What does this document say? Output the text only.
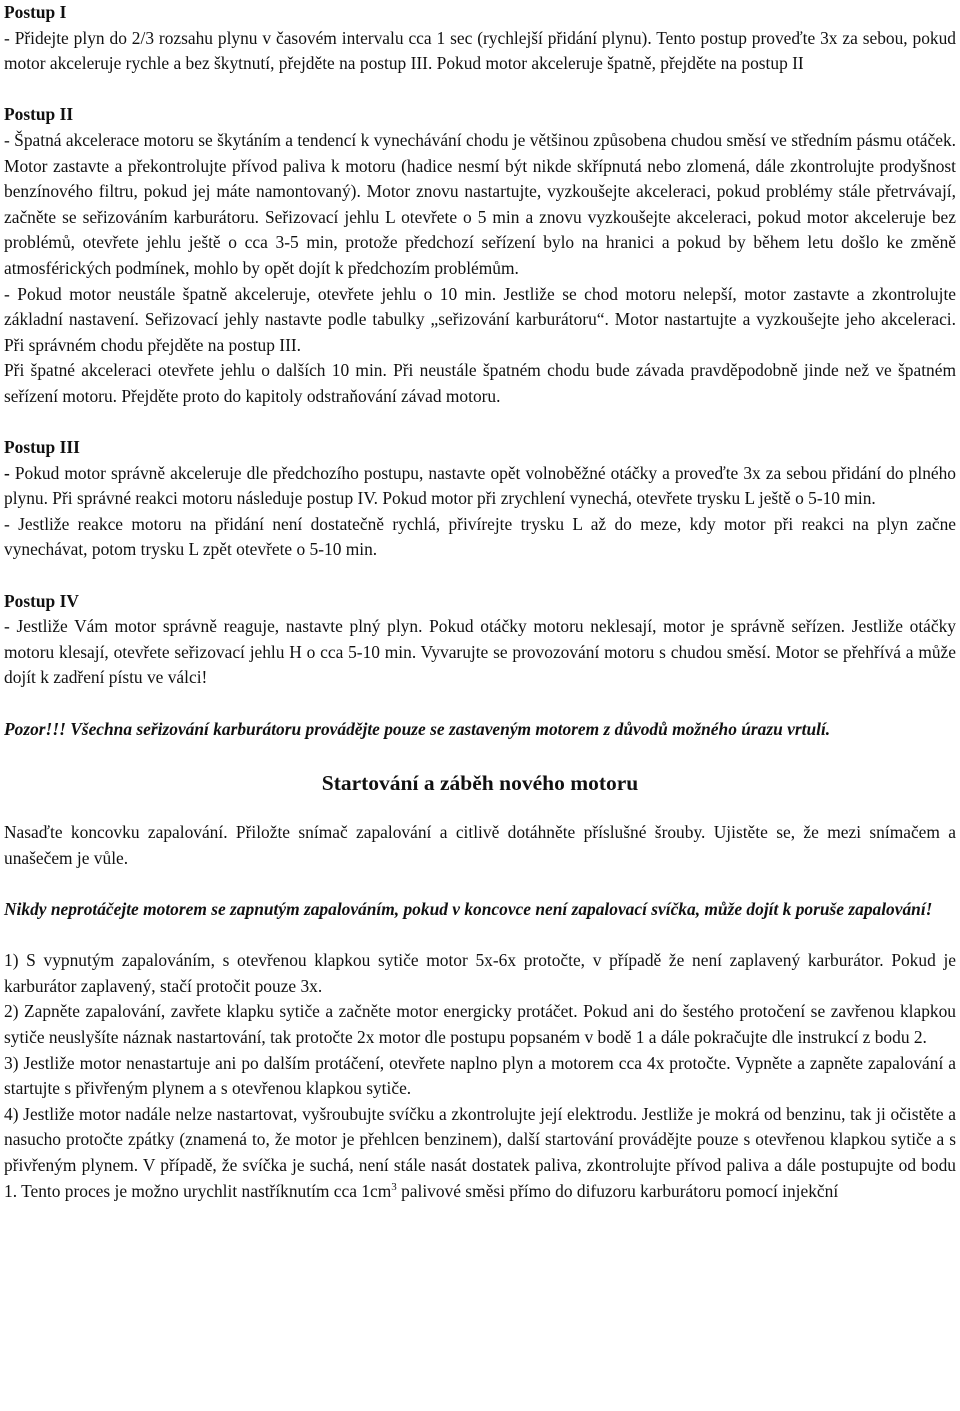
Postup I

- Přidejte plyn do 2/3 rozsahu plynu v časovém intervalu cca 1 sec (rychlejší přidání plynu). Tento postup proveďte 3x za sebou, pokud motor akceleruje rychle a bez škytnutí, přejděte na postup III. Pokud motor akceleruje špatně, přejděte na postup II

Postup II

- Špatná akcelerace motoru se škytáním a tendencí k vynechávání chodu je většinou způsobena chudou směsí ve středním pásmu otáček. Motor zastavte a překontrolujte přívod paliva k motoru (hadice nesmí být nikde skřípnutá nebo zlomená, dále zkontrolujte prodyšnost benzínového filtru, pokud jej máte namontovaný). Motor znovu nastartujte, vyzkoušejte akceleraci, pokud problémy stále přetrvávají, začněte se seřizováním karburátoru. Seřizovací jehlu L otevřete o 5 min a znovu vyzkoušejte akceleraci, pokud motor akceleruje bez problémů, otevřete jehlu ještě o cca 3-5 min, protože předchozí seřízení bylo na hranici a pokud by během letu došlo ke změně atmosférických podmínek, mohlo by opět dojít k předchozím problémům.

- Pokud motor neustále špatně akceleruje, otevřete jehlu o 10 min. Jestliže se chod motoru nelepší, motor zastavte a zkontrolujte základní nastavení. Seřizovací jehly nastavte podle tabulky „seřizování karburátoru“. Motor nastartujte a vyzkoušejte jeho akceleraci. Při správném chodu přejděte na postup III.

Při špatné akceleraci otevřete jehlu o dalších 10 min. Při neustále špatném chodu bude závada pravděpodobně jinde než ve špatném seřízení motoru. Přejděte proto do kapitoly odstraňování závad motoru.

Postup III

- Pokud motor správně akceleruje dle předchozího postupu, nastavte opět volnoběžné otáčky a proveďte 3x za sebou přidání do plného plynu. Při správné reakci motoru následuje postup IV. Pokud motor při zrychlení vynechá, otevřete trysku L ještě o 5-10 min.

- Jestliže reakce motoru na přidání není dostatečně rychlá, přivírejte trysku L až do meze, kdy motor při reakci na plyn začne vynechávat, potom trysku L zpět otevřete o 5-10 min.

Postup IV

- Jestliže Vám motor správně reaguje, nastavte plný plyn. Pokud otáčky motoru neklesají, motor je správně seřízen. Jestliže otáčky motoru klesají, otevřete seřizovací jehlu H o cca 5-10 min. Vyvarujte se provozování motoru s chudou směsí. Motor se přehřívá a může dojít k zadření pístu ve válci!

Pozor!!! Všechna seřizování karburátoru provádějte pouze se zastaveným motorem z důvodů možného úrazu vrtulí.

Startování a záběh nového motoru

Nasaďte koncovku zapalování. Přiložte snímač zapalování a citlivě dotáhněte příslušné šrouby. Ujistěte se, že mezi snímačem a unašečem je vůle.

Nikdy neprotáčejte motorem se zapnutým zapalováním, pokud v koncovce není zapalovací svíčka, může dojít k poruše zapalování!

1) S vypnutým zapalováním, s otevřenou klapkou sytiče motor 5x-6x protočte, v případě že není zaplavený karburátor. Pokud je karburátor zaplavený, stačí protočit pouze 3x.

2) Zapněte zapalování, zavřete klapku sytiče a začněte motor energicky protáčet. Pokud ani do šestého protočení se zavřenou klapkou sytiče neuslyšíte náznak nastartování, tak protočte 2x motor dle postupu popsaném v bodě 1 a dále pokračujte dle instrukcí z bodu 2.

3) Jestliže motor nenastartuje ani po dalším protáčení, otevřete naplno plyn a motorem cca 4x protočte. Vypněte a zapněte zapalování a startujte s přivřeným plynem a s otevřenou klapkou sytiče.

4) Jestliže motor nadále nelze nastartovat, vyšroubujte svíčku a zkontrolujte její elektrodu. Jestliže je mokrá od benzinu, tak ji očistěte a nasucho protočte zpátky (znamená to, že motor je přehlcen benzinem), další startování provádějte pouze s otevřenou klapkou sytiče a s přivřeným plynem. V případě, že svíčka je suchá, není stále nasát dostatek paliva, zkontrolujte přívod paliva a dále postupujte od bodu 1. Tento proces je možno urychlit nastříknutím cca $1cm^3$ palivové směsi přímo do difuzoru karburátoru pomocí injekční
